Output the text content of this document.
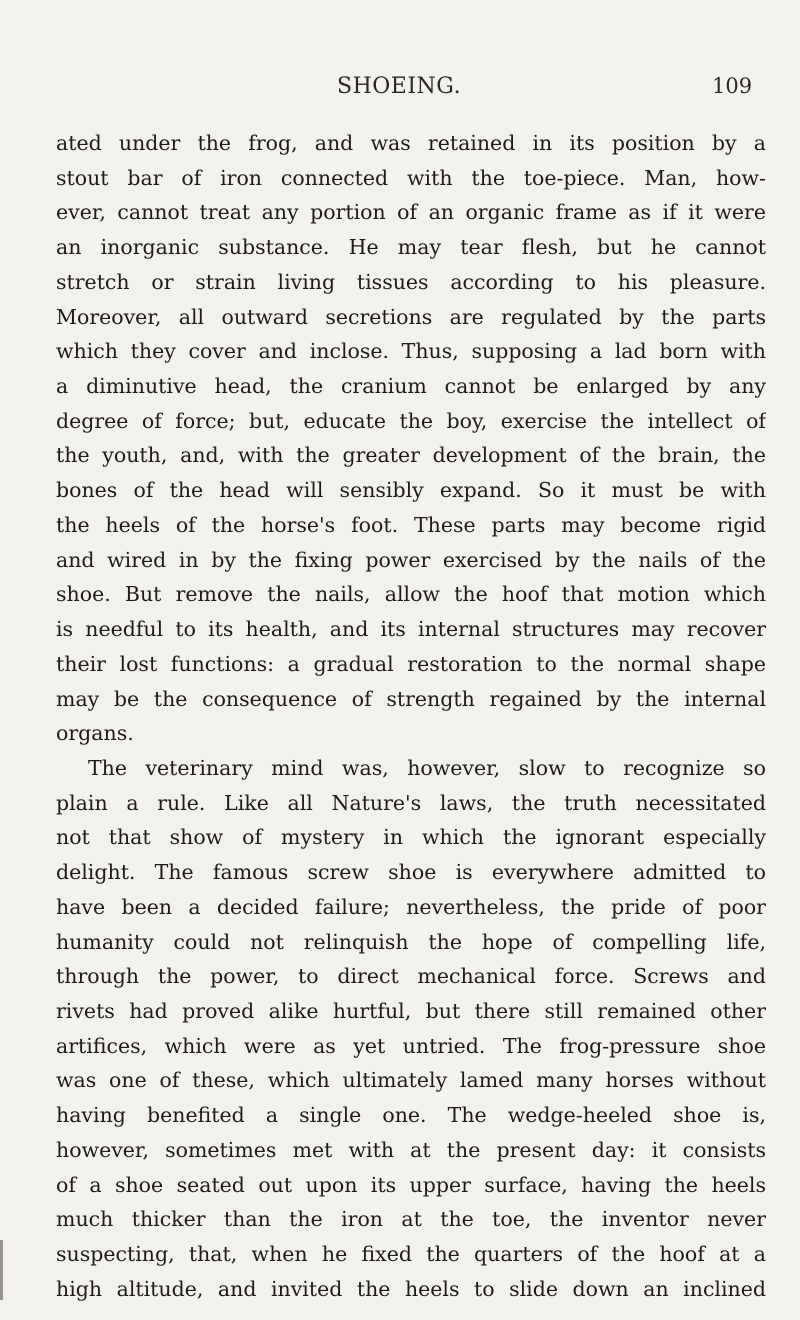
SHOEING.	109
ated under the frog, and was retained in its position by a
stout bar of iron connected with the toe-piece. Man, how-
ever, cannot treat any portion of an organic frame as if it were
an inorganic substance. He may tear flesh, but he cannot
stretch or strain living tissues according to his pleasure.
Moreover, all outward secretions are regulated by the parts
which they cover and inclose. Thus, supposing a lad born with
a diminutive head, the cranium cannot be enlarged by any
degree of force; but, educate the boy, exercise the intellect of
the youth, and, with the greater development of the brain, the
bones of the head will sensibly expand. So it must be with
the heels of the horse's foot. These parts may become rigid
and wired in by the fixing power exercised by the nails of the
shoe. But remove the nails, allow the hoof that motion which
is needful to its health, and its internal structures may recover
their lost functions: a gradual restoration to the normal shape
may be the consequence of strength regained by the internal
organs.
The veterinary mind was, however, slow to recognize so
plain a rule. Like all Nature's laws, the truth necessitated
not that show of mystery in which the ignorant especially
delight. The famous screw shoe is everywhere admitted to
have been a decided failure; nevertheless, the pride of poor
humanity could not relinquish the hope of compelling life,
through the power, to direct mechanical force. Screws and
rivets had proved alike hurtful, but there still remained other
artifices, which were as yet untried. The frog-pressure shoe
was one of these, which ultimately lamed many horses without
having benefited a single one. The wedge-heeled shoe is,
however, sometimes met with at the present day: it consists
of a shoe seated out upon its upper surface, having the heels
much thicker than the iron at the toe, the inventor never
suspecting, that, when he fixed the quarters of the hoof at a
high altitude, and invited the heels to slide down an inclined
